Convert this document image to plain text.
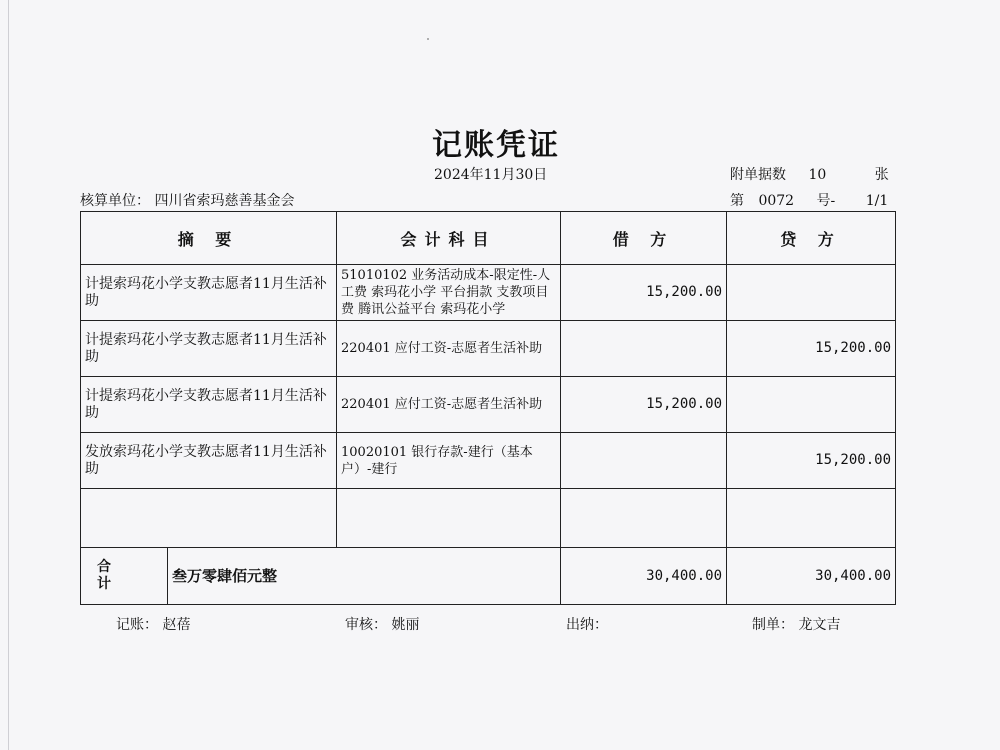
记账凭证
2024年11月30日	附单据数 10	张
核算单位： 四川省索玛慈善基金会	第 0072 号- 1/1
摘 要	会计科目	借 方	贷 方
计提索玛花小学支教志愿者11月生活补助	51010102 业务活动成本-限定性-人工费 索玛花小学 平台捐款 支教项目费 腾讯公益平台 索玛花小学	15,200.00	
计提索玛花小学支教志愿者11月生活补助	220401 应付工资-志愿者生活补助		15,200.00
计提索玛花小学支教志愿者11月生活补助	220401 应付工资-志愿者生活补助	15,200.00	
发放索玛花小学支教志愿者11月生活补助	10020101 银行存款-建行（基本户）-建行		15,200.00

合 计 叁万零肆佰元整		30,400.00	30,400.00
记账： 赵蓓	审核： 姚丽	出纳：	制单： 龙文吉
